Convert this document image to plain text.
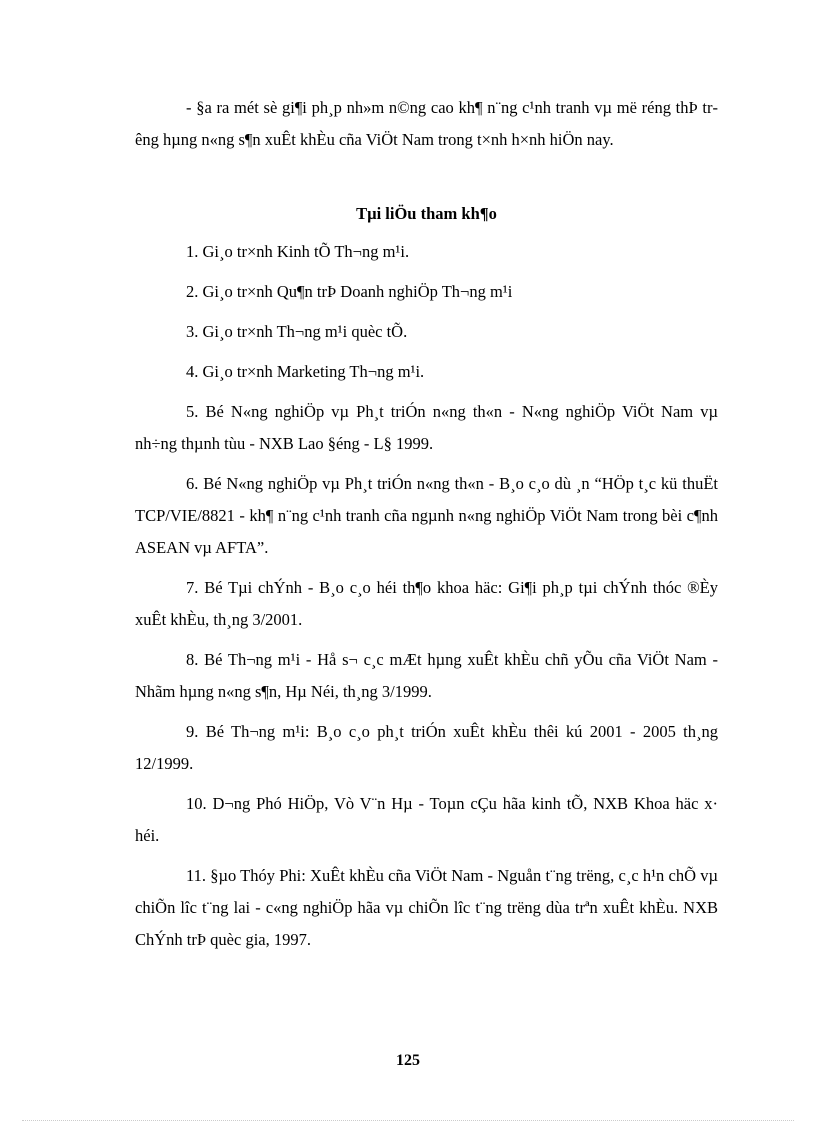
- §a ra mét sè gi¶i ph¸p nh»m n©ng cao kh¶ n¨ng c¹nh tranh vµ më réng thÞ trêng hµng n«ng s¶n xuÊt khÈu cña ViÖt Nam trong t×nh h×nh hiÖn nay.

Tµi liÖu tham kh¶o

1. Gi¸o tr×nh Kinh tÕ Th¬ng m¹i.

2. Gi¸o tr×nh Qu¶n trÞ Doanh nghiÖp Th¬ng m¹i

3. Gi¸o tr×nh Th¬ng m¹i quèc tÕ.

4. Gi¸o tr×nh Marketing Th¬ng m¹i.

5. Bé N«ng nghiÖp vµ Ph¸t triÓn n«ng th«n - N«ng nghiÖp ViÖt Nam vµ nh÷ng thµnh tùu - NXB Lao §éng - L§ 1999.

6. Bé N«ng nghiÖp vµ Ph¸t triÓn n«ng th«n - B¸o c¸o dù ¸n “HÖp t¸c kü thuËt TCP/VIE/8821 - kh¶ n¨ng c¹nh tranh cña ngµnh n«ng nghiÖp ViÖt Nam trong bèi c¶nh ASEAN vµ AFTA”.

7. Bé Tµi chÝnh - B¸o c¸o héi th¶o khoa häc: Gi¶i ph¸p tµi chÝnh thóc ®Èy xuÊt khÈu, th¸ng 3/2001.

8. Bé Th¬ng m¹i - Hå s¬ c¸c mÆt hµng xuÊt khÈu chñ yÕu cña ViÖt Nam - Nhãm hµng n«ng s¶n, Hµ Néi, th¸ng 3/1999.

9. Bé Th¬ng m¹i: B¸o c¸o ph¸t triÓn xuÊt khÈu thêi kú 2001 - 2005 th¸ng 12/1999.

10. D¬ng Phó HiÖp, Vò V¨n Hµ - Toµn cÇu hãa kinh tÕ, NXB Khoa häc x· héi.

11. §µo Thóy Phi: XuÊt khÈu cña ViÖt Nam - Nguån t¨ng trëng, c¸c h¹n chÕ vµ chiÕn lîc t¨ng lai - c«ng nghiÖp hãa vµ chiÕn lîc t¨ng trëng dùa trªn xuÊt khÈu. NXB ChÝnh trÞ quèc gia, 1997.

125
